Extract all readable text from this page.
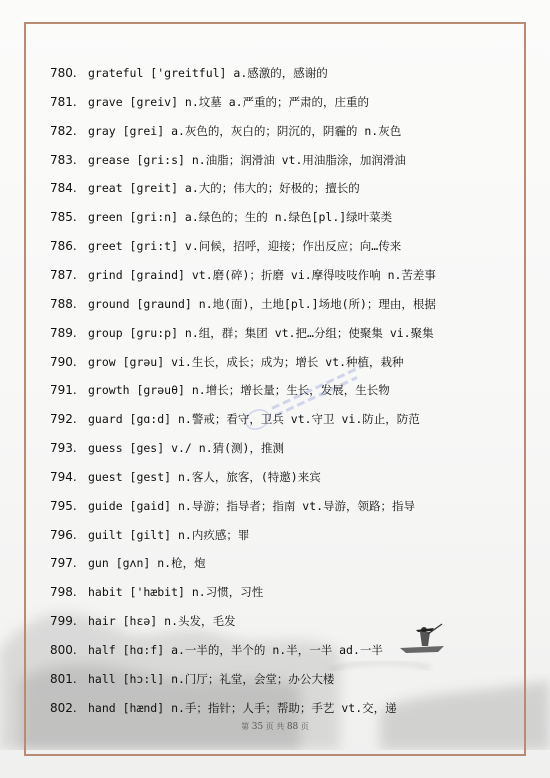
780. grateful ['greitful] a.感激的，感谢的
781. grave [greiv] n.坟墓 a.严重的；严肃的，庄重的
782. gray [grei] a.灰色的，灰白的；阴沉的，阴霾的 n.灰色
783. grease [gri:s] n.油脂；润滑油 vt.用油脂涂，加润滑油
784. great [greit] a.大的；伟大的；好极的；擅长的
785. green [gri:n] a.绿色的；生的 n.绿色[pl.]绿叶菜类
786. greet [gri:t] v.问候，招呼，迎接；作出反应；向…传来
787. grind [graind] vt.磨(碎)；折磨 vi.摩得吱吱作响 n.苦差事
788. ground [graund] n.地(面)，土地[pl.]场地(所)；理由，根据
789. group [gru:p] n.组，群；集团 vt.把…分组；使聚集 vi.聚集
790. grow [grəu] vi.生长，成长；成为；增长 vt.种植，栽种
791. growth [grəuθ] n.增长；增长量；生长，发展，生长物
792. guard [gɑ:d] n.警戒；看守，卫兵 vt.守卫 vi.防止，防范
793. guess [ges] v./ n.猜(测)，推测
794. guest [gest] n.客人，旅客，(特邀)来宾
795. guide [gaid] n.导游；指导者；指南 vt.导游，领路；指导
796. guilt [gilt] n.内疚感；罪
797. gun [gʌn] n.枪，炮
798. habit ['hæbit] n.习惯，习性
799. hair [hɛə] n.头发，毛发
800. half [hɑ:f] a.一半的，半个的 n.半，一半 ad.一半
801. hall [hɔ:l] n.门厅；礼堂，会堂；办公大楼
802. hand [hænd] n.手；指针；人手；帮助；手艺 vt.交，递
第 35 页 共 88 页
